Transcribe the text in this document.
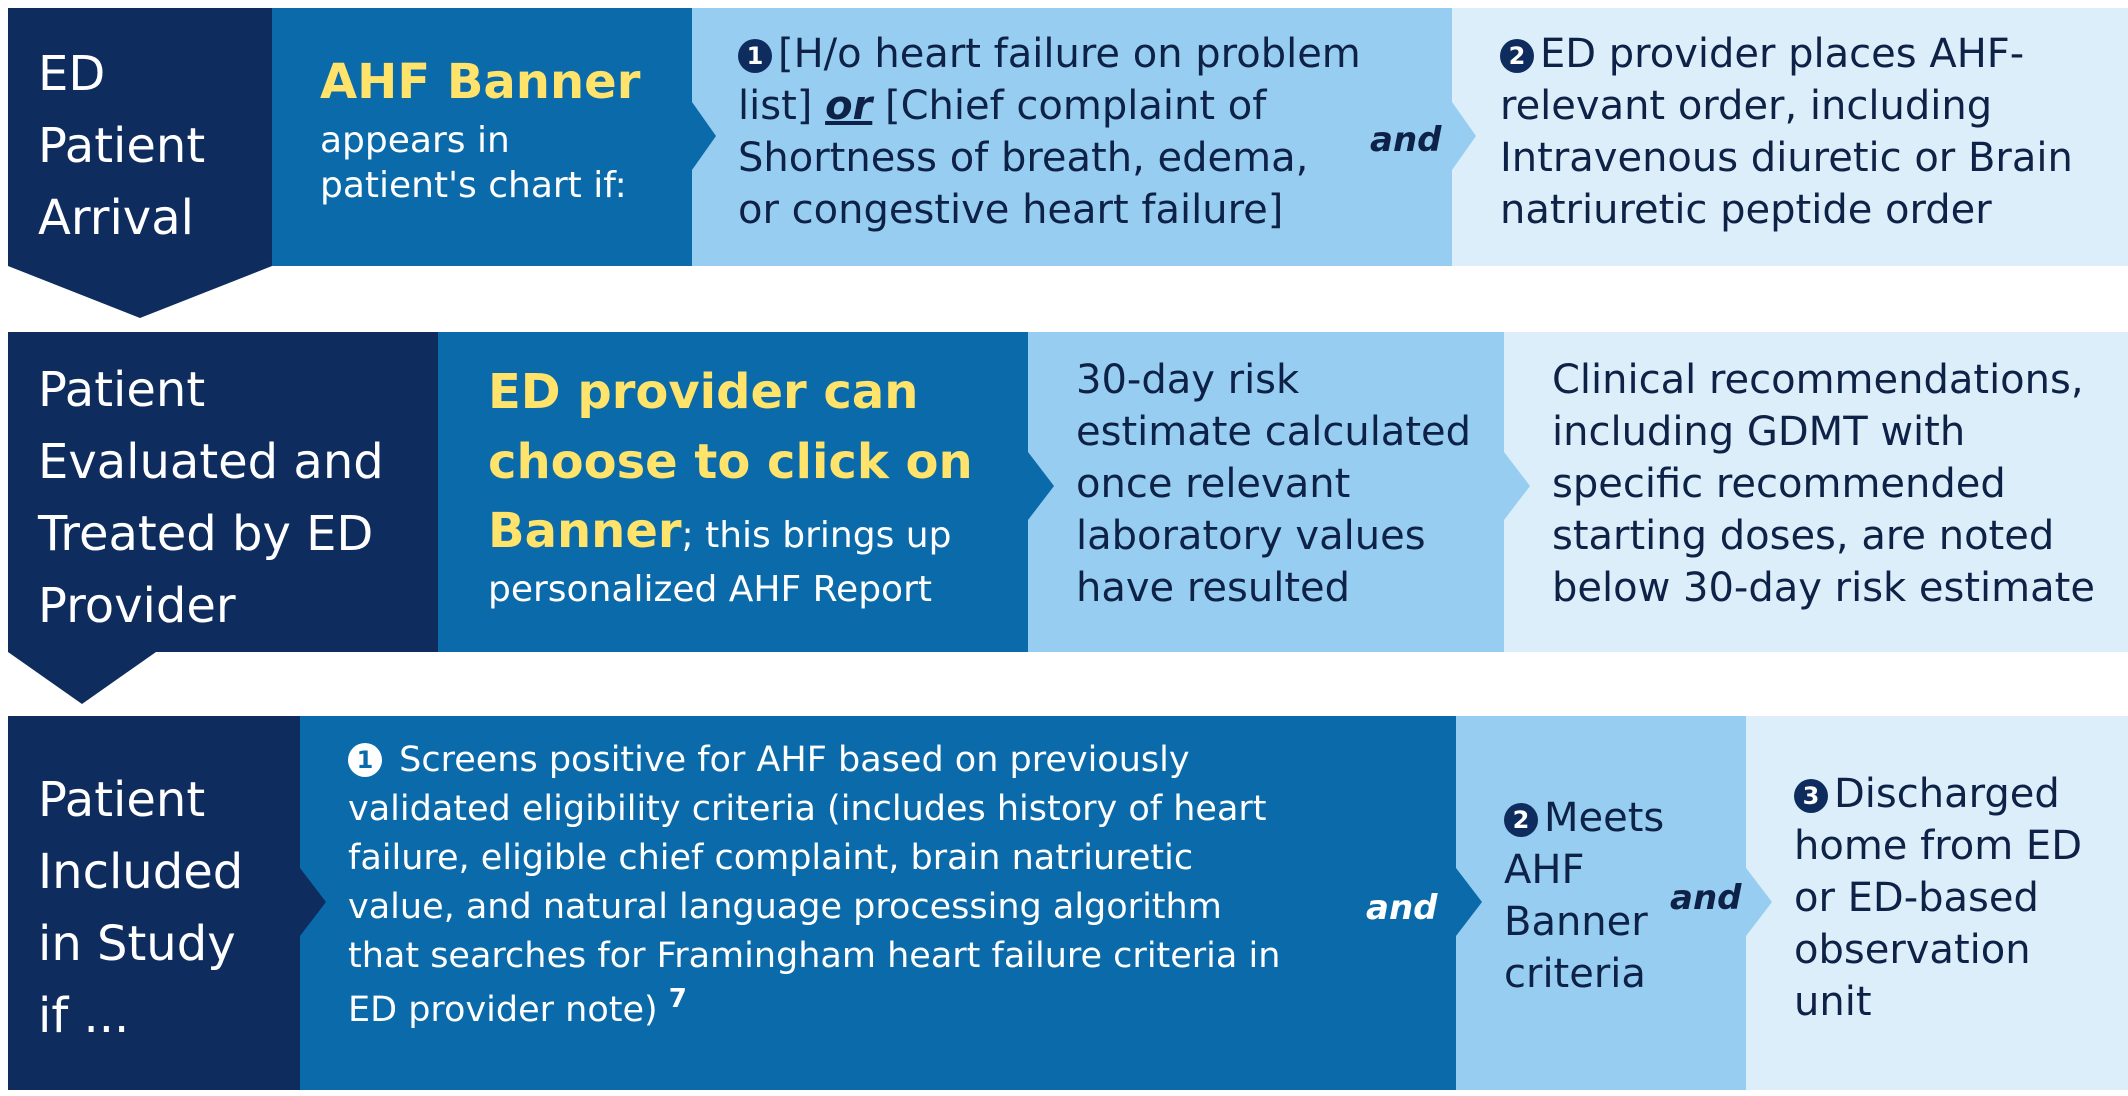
ED
Patient
Arrival
AHF Banner
appears in
patient's chart if:
1 [H/o heart failure on problem
list] or [Chief complaint of
Shortness of breath, edema,
or congestive heart failure]
and
2 ED provider places AHF-
relevant order, including
Intravenous diuretic or Brain
natriuretic peptide order
Patient
Evaluated and
Treated by ED
Provider
ED provider can
choose to click on
Banner; this brings up
personalized AHF Report
30-day risk
estimate calculated
once relevant
laboratory values
have resulted
Clinical recommendations,
including GDMT with
specific recommended
starting doses, are noted
below 30-day risk estimate
Patient
Included
in Study
if ...
1 Screens positive for AHF based on previously
validated eligibility criteria (includes history of heart
failure, eligible chief complaint, brain natriuretic
value, and natural language processing algorithm
that searches for Framingham heart failure criteria in
ED provider note) $^7$
and
2 Meets
AHF
Banner
criteria
and
3 Discharged
home from ED
or ED-based
observation
unit
